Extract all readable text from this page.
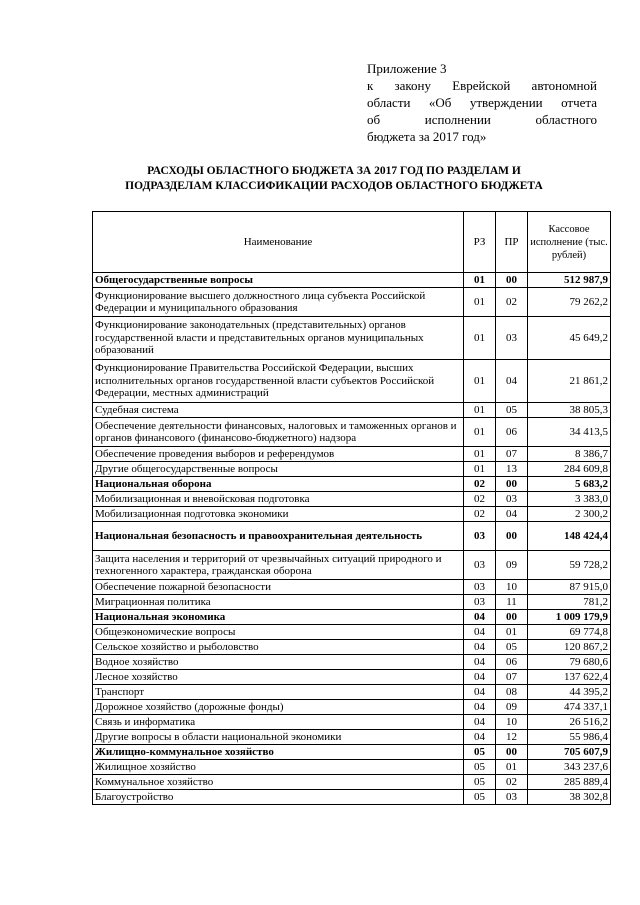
Приложение 3
к закону Еврейской автономной
области «Об утверждении отчета
об исполнении областного
бюджета за 2017 год»
РАСХОДЫ ОБЛАСТНОГО БЮДЖЕТА ЗА 2017 ГОД ПО РАЗДЕЛАМ И
ПОДРАЗДЕЛАМ КЛАССИФИКАЦИИ РАСХОДОВ ОБЛАСТНОГО БЮДЖЕТА
Наименование	РЗ	ПР	Кассовое исполнение (тыс. рублей)
Общегосударственные вопросы	01	00	512 987,9
Функционирование высшего должностного лица субъекта Российской Федерации и муниципального образования	01	02	79 262,2
Функционирование законодательных (представительных) органов государственной власти и представительных органов муниципальных образований	01	03	45 649,2
Функционирование Правительства Российской Федерации, высших исполнительных органов государственной власти субъектов Российской Федерации, местных администраций	01	04	21 861,2
Судебная система	01	05	38 805,3
Обеспечение деятельности финансовых, налоговых и таможенных органов и органов финансового (финансово-бюджетного) надзора	01	06	34 413,5
Обеспечение проведения выборов и референдумов	01	07	8 386,7
Другие общегосударственные вопросы	01	13	284 609,8
Национальная оборона	02	00	5 683,2
Мобилизационная и вневойсковая подготовка	02	03	3 383,0
Мобилизационная подготовка экономики	02	04	2 300,2
Национальная безопасность и правоохранительная деятельность	03	00	148 424,4
Защита населения и территорий от чрезвычайных ситуаций природного и техногенного характера, гражданская оборона	03	09	59 728,2
Обеспечение пожарной безопасности	03	10	87 915,0
Миграционная политика	03	11	781,2
Национальная экономика	04	00	1 009 179,9
Общеэкономические вопросы	04	01	69 774,8
Сельское хозяйство и рыболовство	04	05	120 867,2
Водное хозяйство	04	06	79 680,6
Лесное хозяйство	04	07	137 622,4
Транспорт	04	08	44 395,2
Дорожное хозяйство (дорожные фонды)	04	09	474 337,1
Связь и информатика	04	10	26 516,2
Другие вопросы в области национальной экономики	04	12	55 986,4
Жилищно-коммунальное хозяйство	05	00	705 607,9
Жилищное хозяйство	05	01	343 237,6
Коммунальное хозяйство	05	02	285 889,4
Благоустройство	05	03	38 302,8
